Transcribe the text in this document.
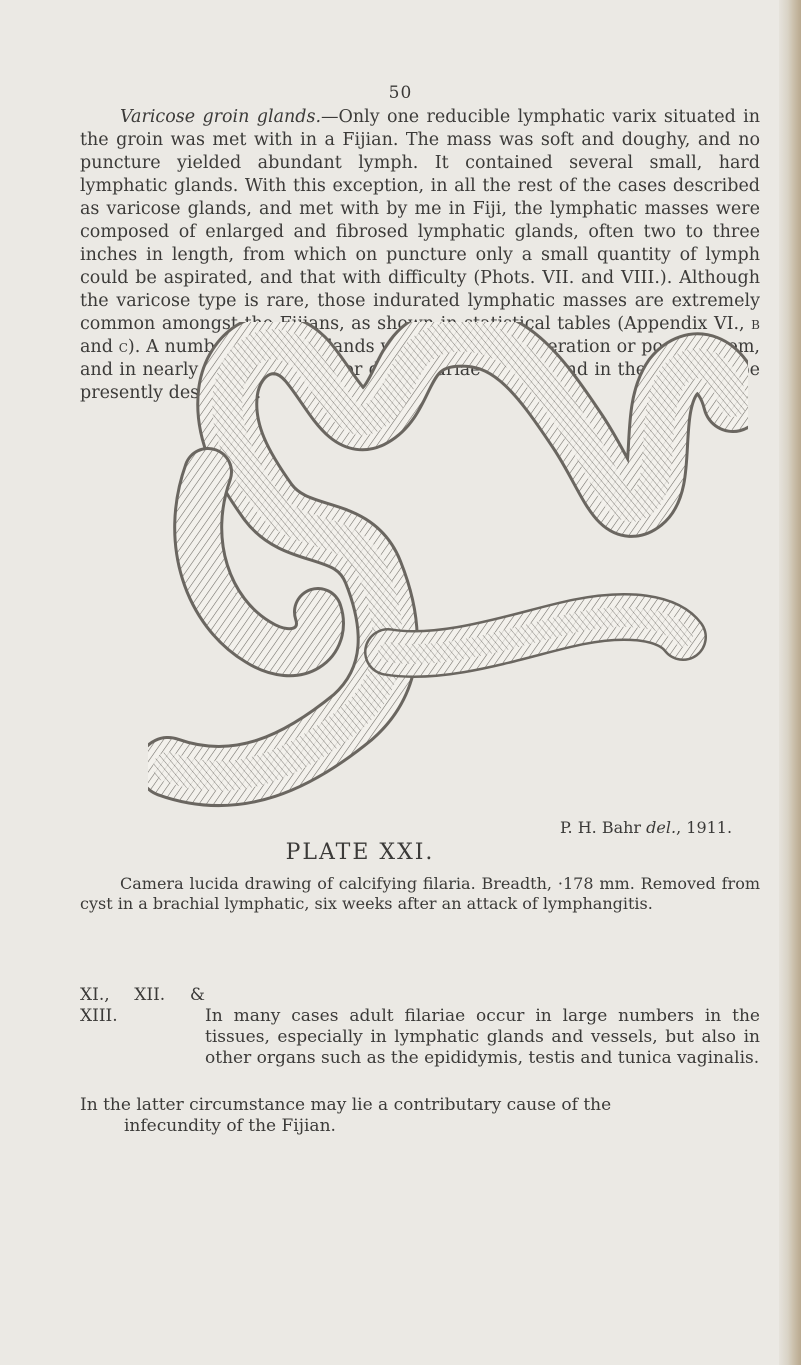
50

Varicose groin glands.—Only one reducible lymphatic varix situated in the groin was met with in a Fijian. The mass was soft and doughy, and no puncture yielded abundant lymph. It contained several small, hard lymphatic glands. With this exception, in all the rest of the cases described as varicose glands, and met with by me in Fiji, the lymphatic masses were composed of enlarged and fibrosed lymphatic glands, often two to three inches in length, from which on puncture only a small quantity of lymph could be aspirated, and that with difficulty (Phots. VII. and VIII.). Although the varicose type is rare, those indurated lymphatic masses are extremely common amongst the Fijians, as shown in statistical tables (Appendix VI., b and c). A number of these glands were excised at operation or post-mortem, and in nearly every case live or dead filariae were found in them, as will be presently described.

P. H. Bahr del., 1911.
PLATE XXI.

Camera lucida drawing of calcifying filaria. Breadth, ·178 mm. Removed from cyst in a brachial lymphatic, six weeks after an attack of lymphangitis.

XI., XII. & XIII.	In many cases adult filariae occur in large numbers in the tissues, especially in lymphatic glands and vessels, but also in other organs such as the epididymis, testis and tunica vaginalis.

In the latter circumstance may lie a contributary cause of the
infecundity of the Fijian.
